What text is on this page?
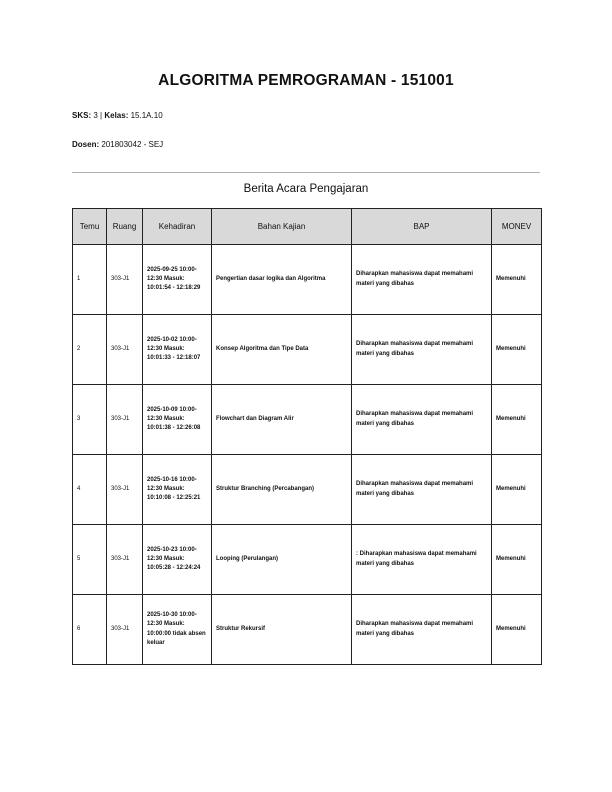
ALGORITMA PEMROGRAMAN - 151001
SKS: 3 | Kelas: 15.1A.10
Dosen: 201803042 - SEJ
Berita Acara Pengajaran
Temu	Ruang	Kehadiran	Bahan Kajian	BAP	MONEV
1	303-J1	2025-09-25 10:00-12:30 Masuk: 10:01:54 - 12:18:29	Pengertian dasar logika dan Algoritma	Diharapkan mahasiswa dapat memahami materi yang dibahas	Memenuhi
2	303-J1	2025-10-02 10:00-12:30 Masuk: 10:01:33 - 12:18:07	Konsep Algoritma dan Tipe Data	Diharapkan mahasiswa dapat memahami materi yang dibahas	Memenuhi
3	303-J1	2025-10-09 10:00-12:30 Masuk: 10:01:38 - 12:26:08	Flowchart dan Diagram Alir	Diharapkan mahasiswa dapat memahami materi yang dibahas	Memenuhi
4	303-J1	2025-10-16 10:00-12:30 Masuk: 10:10:08 - 12:25:21	Struktur Branching (Percabangan)	Diharapkan mahasiswa dapat memahami materi yang dibahas	Memenuhi
5	303-J1	2025-10-23 10:00-12:30 Masuk: 10:05:28 - 12:24:24	Looping (Perulangan)	: Diharapkan mahasiswa dapat memahami materi yang dibahas	Memenuhi
6	303-J1	2025-10-30 10:00-12:30 Masuk: 10:00:00 tidak absen keluar	Struktur Rekursif	Diharapkan mahasiswa dapat memahami materi yang dibahas	Memenuhi
